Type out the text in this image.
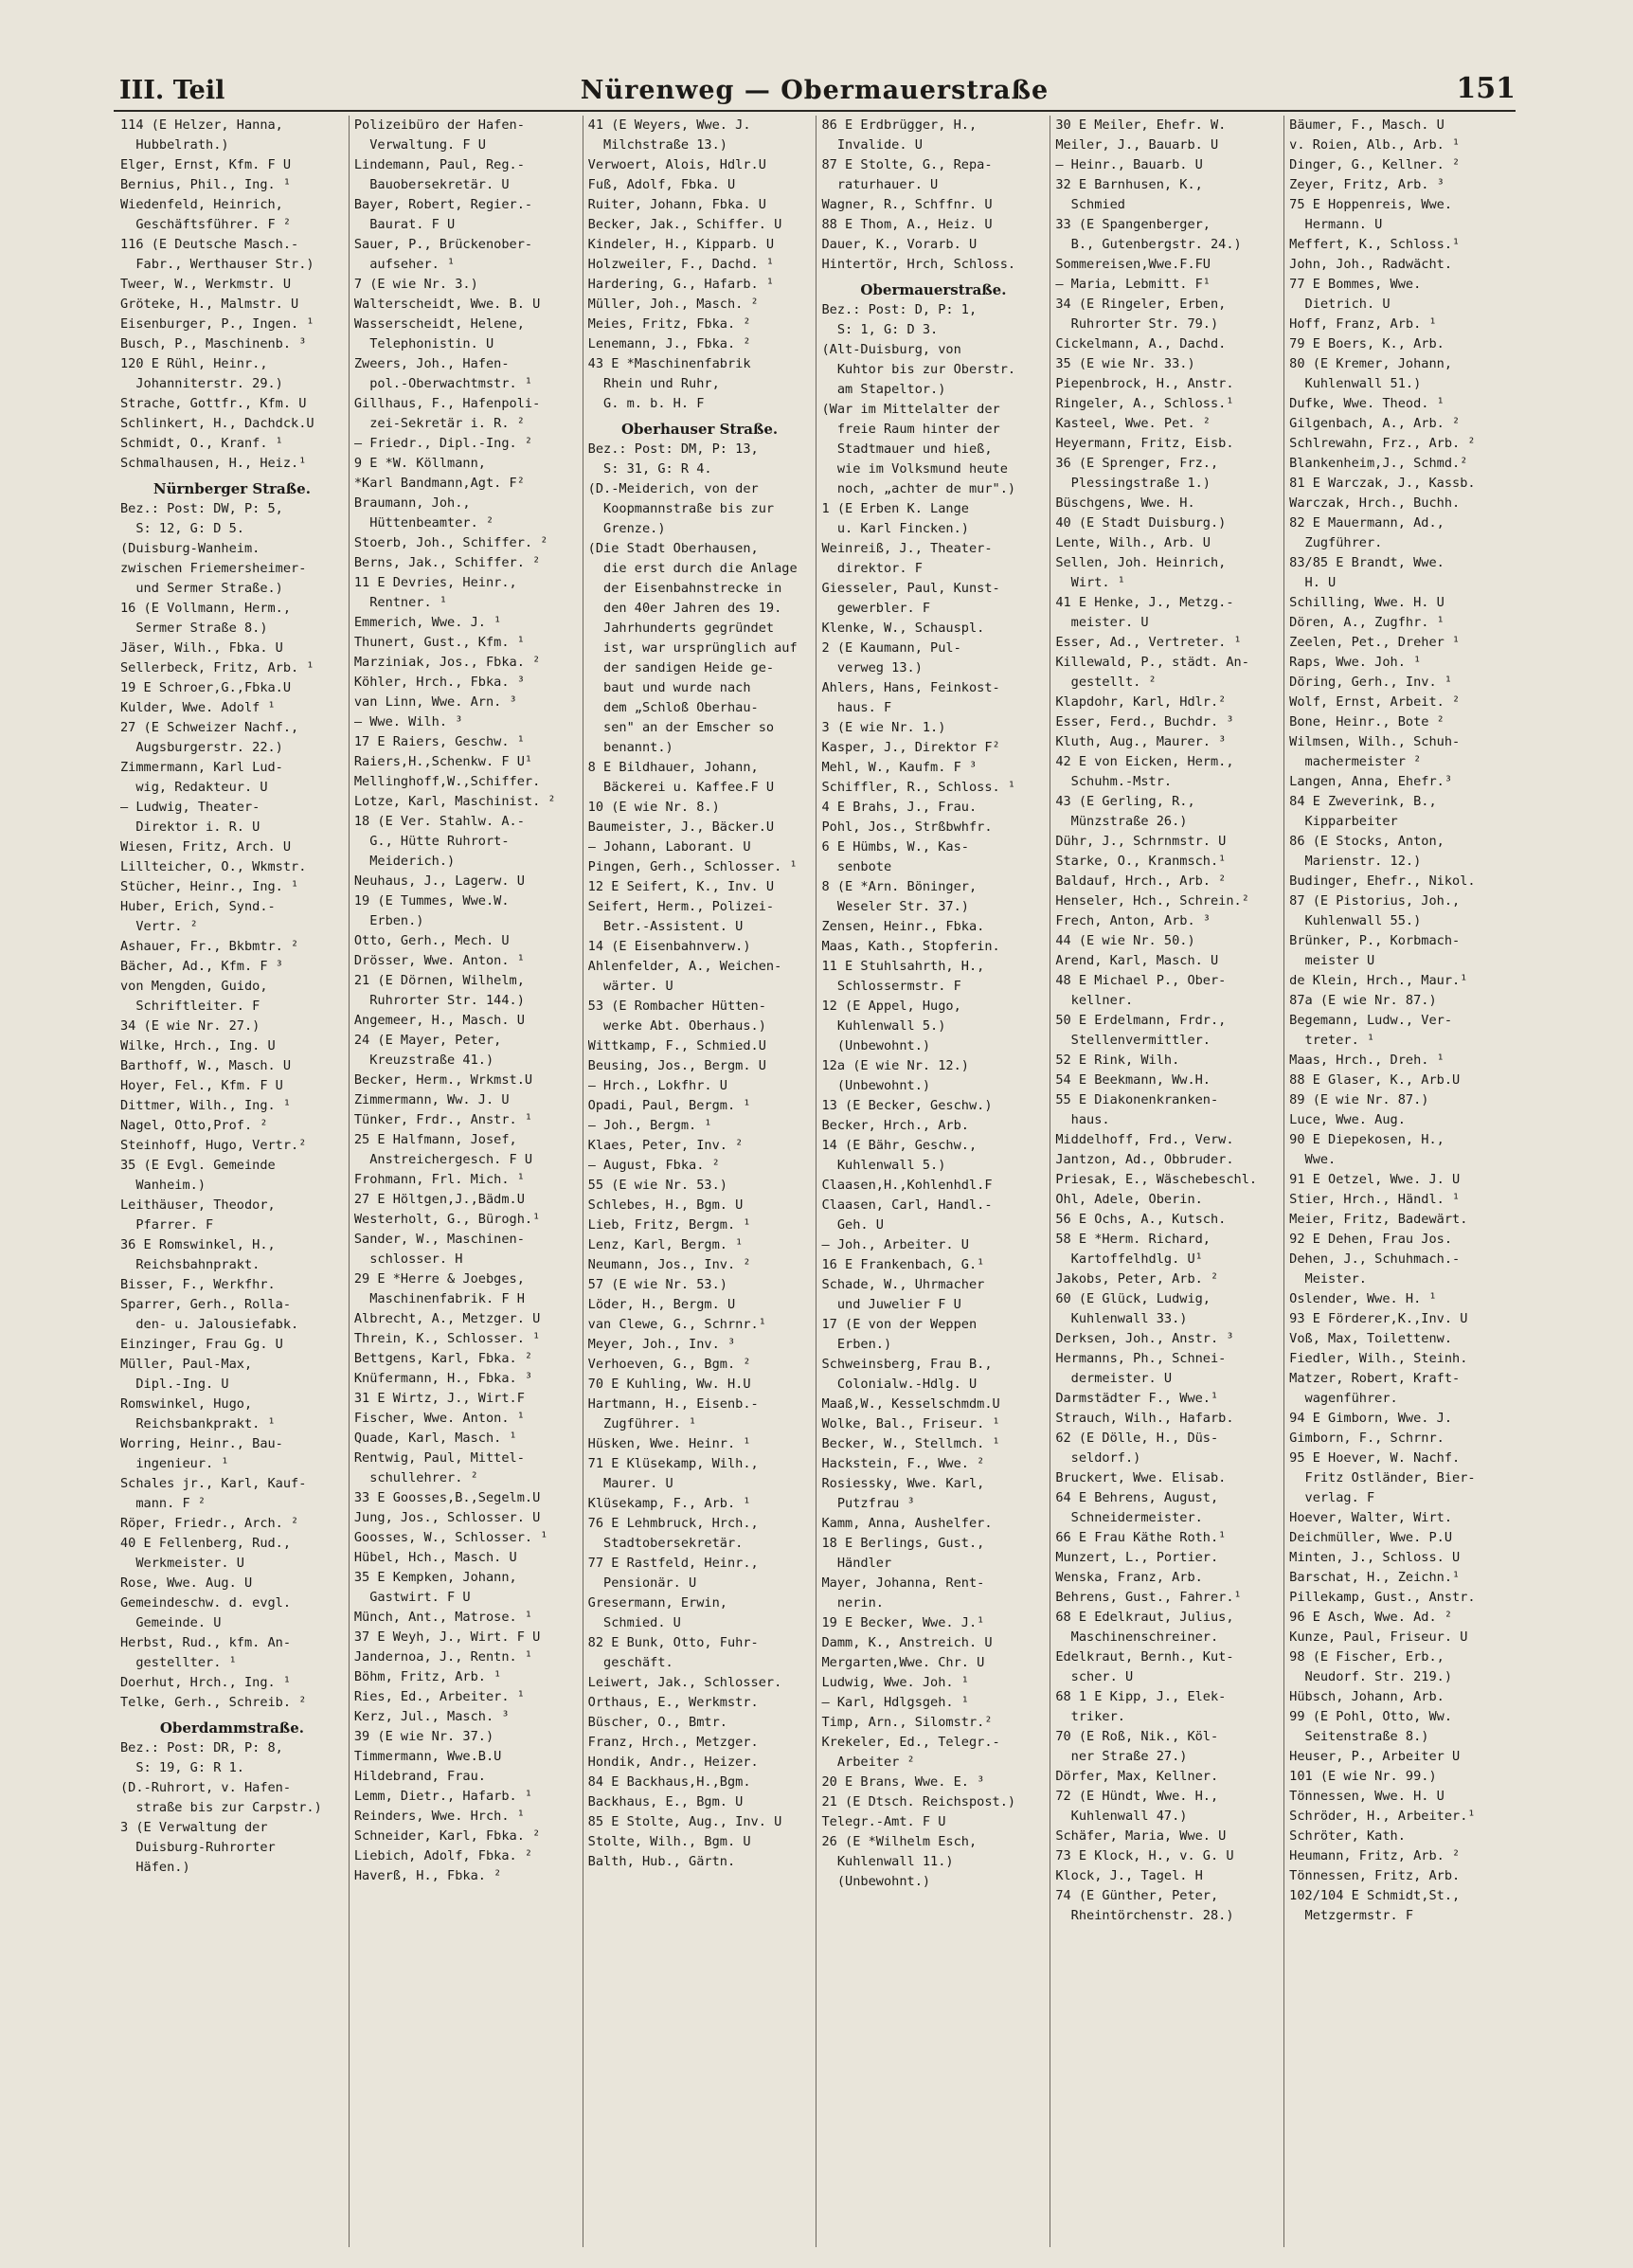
III. Teil	Nürenweg — Obermauerstraße	151
114 (E Helzer, Hanna,
Hubbelrath.)
Elger, Ernst, Kfm. F U
Bernius, Phil., Ing. ¹
Wiedenfeld, Heinrich,
Geschäftsführer. F ²
116 (E Deutsche Masch.-
Fabr., Werthauser Str.)
Tweer, W., Werkmstr. U
Gröteke, H., Malmstr. U
Eisenburger, P., Ingen. ¹
Busch, P., Maschinenb. ³
120 E Rühl, Heinr.,
Johanniterstr. 29.)
Strache, Gottfr., Kfm. U
Schlinkert, H., Dachdck.U
Schmidt, O., Kranf. ¹
Schmalhausen, H., Heiz.¹
Nürnberger Straße.
Bez.: Post: DW, P: 5,
S: 12, G: D 5.
(Duisburg-Wanheim.
zwischen Friemersheimer-
und Sermer Straße.)
16 (E Vollmann, Herm.,
Sermer Straße 8.)
Jäser, Wilh., Fbka. U
Sellerbeck, Fritz, Arb. ¹
19 E Schroer,G.,Fbka.U
Kulder, Wwe. Adolf ¹
27 (E Schweizer Nachf.,
Augsburgerstr. 22.)
Zimmermann, Karl Lud-
wig, Redakteur. U
— Ludwig, Theater-
Direktor i. R. U
Wiesen, Fritz, Arch. U
Lillteicher, O., Wkmstr.
Stücher, Heinr., Ing. ¹
Huber, Erich, Synd.-
Vertr. ²
Ashauer, Fr., Bkbmtr. ²
Bächer, Ad., Kfm. F ³
von Mengden, Guido,
Schriftleiter. F
34 (E wie Nr. 27.)
Wilke, Hrch., Ing. U
Barthoff, W., Masch. U
Hoyer, Fel., Kfm. F U
Dittmer, Wilh., Ing. ¹
Nagel, Otto,Prof. ²
Steinhoff, Hugo, Vertr.²
35 (E Evgl. Gemeinde
Wanheim.)
Leithäuser, Theodor,
Pfarrer. F
36 E Romswinkel, H.,
Reichsbahnprakt.
Bisser, F., Werkfhr.
Sparrer, Gerh., Rolla-
den- u. Jalousiefabk.
Einzinger, Frau Gg. U
Müller, Paul-Max,
Dipl.-Ing. U
Romswinkel, Hugo,
Reichsbankprakt. ¹
Worring, Heinr., Bau-
ingenieur. ¹
Schales jr., Karl, Kauf-
mann. F ²
Röper, Friedr., Arch. ²
40 E Fellenberg, Rud.,
Werkmeister. U
Rose, Wwe. Aug. U
Gemeindeschw. d. evgl.
Gemeinde. U
Herbst, Rud., kfm. An-
gestellter. ¹
Doerhut, Hrch., Ing. ¹
Telke, Gerh., Schreib. ²
Oberdammstraße.
Bez.: Post: DR, P: 8,
S: 19, G: R 1.
(D.-Ruhrort, v. Hafen-
straße bis zur Carpstr.)
3 (E Verwaltung der
Duisburg-Ruhrorter
Häfen.)
Polizeibüro der Hafen-
Verwaltung. F U
Lindemann, Paul, Reg.-
Bauobersekretär. U
Bayer, Robert, Regier.-
Baurat. F U
Sauer, P., Brückenober-
aufseher. ¹
7 (E wie Nr. 3.)
Walterscheidt, Wwe. B. U
Wasserscheidt, Helene,
Telephonistin. U
Zweers, Joh., Hafen-
pol.-Oberwachtmstr. ¹
Gillhaus, F., Hafenpoli-
zei-Sekretär i. R. ²
— Friedr., Dipl.-Ing. ²
9 E *W. Köllmann,
*Karl Bandmann,Agt. F²
Braumann, Joh.,
Hüttenbeamter. ²
Stoerb, Joh., Schiffer. ²
Berns, Jak., Schiffer. ²
11 E Devries, Heinr.,
Rentner. ¹
Emmerich, Wwe. J. ¹
Thunert, Gust., Kfm. ¹
Marziniak, Jos., Fbka. ²
Köhler, Hrch., Fbka. ³
van Linn, Wwe. Arn. ³
— Wwe. Wilh. ³
17 E Raiers, Geschw. ¹
Raiers,H.,Schenkw. F U¹
Mellinghoff,W.,Schiffer.
Lotze, Karl, Maschinist. ²
18 (E Ver. Stahlw. A.-
G., Hütte Ruhrort-
Meiderich.)
Neuhaus, J., Lagerw. U
19 (E Tummes, Wwe.W.
Erben.)
Otto, Gerh., Mech. U
Drösser, Wwe. Anton. ¹
21 (E Dörnen, Wilhelm,
Ruhrorter Str. 144.)
Angemeer, H., Masch. U
24 (E Mayer, Peter,
Kreuzstraße 41.)
Becker, Herm., Wrkmst.U
Zimmermann, Ww. J. U
Tünker, Frdr., Anstr. ¹
25 E Halfmann, Josef,
Anstreichergesch. F U
Frohmann, Frl. Mich. ¹
27 E Höltgen,J.,Bädm.U
Westerholt, G., Bürogh.¹
Sander, W., Maschinen-
schlosser. H
29 E *Herre & Joebges,
Maschinenfabrik. F H
Albrecht, A., Metzger. U
Threin, K., Schlosser. ¹
Bettgens, Karl, Fbka. ²
Knüfermann, H., Fbka. ³
31 E Wirtz, J., Wirt.F
Fischer, Wwe. Anton. ¹
Quade, Karl, Masch. ¹
Rentwig, Paul, Mittel-
schullehrer. ²
33 E Goosses,B.,Segelm.U
Jung, Jos., Schlosser. U
Goosses, W., Schlosser. ¹
Hübel, Hch., Masch. U
35 E Kempken, Johann,
Gastwirt. F U
Münch, Ant., Matrose. ¹
37 E Weyh, J., Wirt. F U
Jandernoa, J., Rentn. ¹
Böhm, Fritz, Arb. ¹
Ries, Ed., Arbeiter. ¹
Kerz, Jul., Masch. ³
39 (E wie Nr. 37.)
Timmermann, Wwe.B.U
Hildebrand, Frau.
Lemm, Dietr., Hafarb. ¹
Reinders, Wwe. Hrch. ¹
Schneider, Karl, Fbka. ²
Liebich, Adolf, Fbka. ²
Haverß, H., Fbka. ²
41 (E Weyers, Wwe. J.
Milchstraße 13.)
Verwoert, Alois, Hdlr.U
Fuß, Adolf, Fbka. U
Ruiter, Johann, Fbka. U
Becker, Jak., Schiffer. U
Kindeler, H., Kipparb. U
Holzweiler, F., Dachd. ¹
Hardering, G., Hafarb. ¹
Müller, Joh., Masch. ²
Meies, Fritz, Fbka. ²
Lenemann, J., Fbka. ²
43 E *Maschinenfabrik
Rhein und Ruhr,
G. m. b. H. F
Oberhauser Straße.
Bez.: Post: DM, P: 13,
S: 31, G: R 4.
(D.-Meiderich, von der
Koopmannstraße bis zur
Grenze.)
(Die Stadt Oberhausen,
die erst durch die Anlage
der Eisenbahnstrecke in
den 40er Jahren des 19.
Jahrhunderts gegründet
ist, war ursprünglich auf
der sandigen Heide ge-
baut und wurde nach
dem „Schloß Oberhau-
sen" an der Emscher so
benannt.)
8 E Bildhauer, Johann,
Bäckerei u. Kaffee.F U
10 (E wie Nr. 8.)
Baumeister, J., Bäcker.U
— Johann, Laborant. U
Pingen, Gerh., Schlosser. ¹
12 E Seifert, K., Inv. U
Seifert, Herm., Polizei-
Betr.-Assistent. U
14 (E Eisenbahnverw.)
Ahlenfelder, A., Weichen-
wärter. U
53 (E Rombacher Hütten-
werke Abt. Oberhaus.)
Wittkamp, F., Schmied.U
Beusing, Jos., Bergm. U
— Hrch., Lokfhr. U
Opadi, Paul, Bergm. ¹
— Joh., Bergm. ¹
Klaes, Peter, Inv. ²
— August, Fbka. ²
55 (E wie Nr. 53.)
Schlebes, H., Bgm. U
Lieb, Fritz, Bergm. ¹
Lenz, Karl, Bergm. ¹
Neumann, Jos., Inv. ²
57 (E wie Nr. 53.)
Löder, H., Bergm. U
van Clewe, G., Schrnr.¹
Meyer, Joh., Inv. ³
Verhoeven, G., Bgm. ²
70 E Kuhling, Ww. H.U
Hartmann, H., Eisenb.-
Zugführer. ¹
Hüsken, Wwe. Heinr. ¹
71 E Klüsekamp, Wilh.,
Maurer. U
Klüsekamp, F., Arb. ¹
76 E Lehmbruck, Hrch.,
Stadtobersekretär.
77 E Rastfeld, Heinr.,
Pensionär. U
Gresermann, Erwin,
Schmied. U
82 E Bunk, Otto, Fuhr-
geschäft.
Leiwert, Jak., Schlosser.
Orthaus, E., Werkmstr.
Büscher, O., Bmtr.
Franz, Hrch., Metzger.
Hondik, Andr., Heizer.
84 E Backhaus,H.,Bgm.
Backhaus, E., Bgm. U
85 E Stolte, Aug., Inv. U
Stolte, Wilh., Bgm. U
Balth, Hub., Gärtn.
86 E Erdbrügger, H.,
Invalide. U
87 E Stolte, G., Repa-
raturhauer. U
Wagner, R., Schffnr. U
88 E Thom, A., Heiz. U
Dauer, K., Vorarb. U
Hintertör, Hrch, Schloss.
Obermauerstraße.
Bez.: Post: D, P: 1,
S: 1, G: D 3.
(Alt-Duisburg, von
Kuhtor bis zur Oberstr.
am Stapeltor.)
(War im Mittelalter der
freie Raum hinter der
Stadtmauer und hieß,
wie im Volksmund heute
noch, „achter de mur".)
1 (E Erben K. Lange
u. Karl Fincken.)
Weinreiß, J., Theater-
direktor. F
Giesseler, Paul, Kunst-
gewerbler. F
Klenke, W., Schauspl.
2 (E Kaumann, Pul-
verweg 13.)
Ahlers, Hans, Feinkost-
haus. F
3 (E wie Nr. 1.)
Kasper, J., Direktor F²
Mehl, W., Kaufm. F ³
Schiffler, R., Schloss. ¹
4 E Brahs, J., Frau.
Pohl, Jos., Strßbwhfr.
6 E Hümbs, W., Kas-
senbote
8 (E *Arn. Böninger,
Weseler Str. 37.)
Zensen, Heinr., Fbka.
Maas, Kath., Stopferin.
11 E Stuhlsahrth, H.,
Schlossermstr. F
12 (E Appel, Hugo,
Kuhlenwall 5.)
(Unbewohnt.)
12a (E wie Nr. 12.)
(Unbewohnt.)
13 (E Becker, Geschw.)
Becker, Hrch., Arb.
14 (E Bähr, Geschw.,
Kuhlenwall 5.)
Claasen,H.,Kohlenhdl.F
Claasen, Carl, Handl.-
Geh. U
— Joh., Arbeiter. U
16 E Frankenbach, G.¹
Schade, W., Uhrmacher
und Juwelier F U
17 (E von der Weppen
Erben.)
Schweinsberg, Frau B.,
Colonialw.-Hdlg. U
Maaß,W., Kesselschmdm.U
Wolke, Bal., Friseur. ¹
Becker, W., Stellmch. ¹
Hackstein, F., Wwe. ²
Rosiessky, Wwe. Karl,
Putzfrau ³
Kamm, Anna, Aushelfer.
18 E Berlings, Gust.,
Händler
Mayer, Johanna, Rent-
nerin.
19 E Becker, Wwe. J.¹
Damm, K., Anstreich. U
Mergarten,Wwe. Chr. U
Ludwig, Wwe. Joh. ¹
— Karl, Hdlgsgeh. ¹
Timp, Arn., Silomstr.²
Krekeler, Ed., Telegr.-
Arbeiter ²
20 E Brans, Wwe. E. ³
21 (E Dtsch. Reichspost.)
Telegr.-Amt. F U
26 (E *Wilhelm Esch,
Kuhlenwall 11.)
(Unbewohnt.)
30 E Meiler, Ehefr. W.
Meiler, J., Bauarb. U
— Heinr., Bauarb. U
32 E Barnhusen, K.,
Schmied
33 (E Spangenberger,
B., Gutenbergstr. 24.)
Sommereisen,Wwe.F.FU
— Maria, Lebmitt. F¹
34 (E Ringeler, Erben,
Ruhrorter Str. 79.)
Cickelmann, A., Dachd.
35 (E wie Nr. 33.)
Piepenbrock, H., Anstr.
Ringeler, A., Schloss.¹
Kasteel, Wwe. Pet. ²
Heyermann, Fritz, Eisb.
36 (E Sprenger, Frz.,
Plessingstraße 1.)
Büschgens, Wwe. H.
40 (E Stadt Duisburg.)
Lente, Wilh., Arb. U
Sellen, Joh. Heinrich,
Wirt. ¹
41 E Henke, J., Metzg.-
meister. U
Esser, Ad., Vertreter. ¹
Killewald, P., städt. An-
gestellt. ²
Klapdohr, Karl, Hdlr.²
Esser, Ferd., Buchdr. ³
Kluth, Aug., Maurer. ³
42 E von Eicken, Herm.,
Schuhm.-Mstr.
43 (E Gerling, R.,
Münzstraße 26.)
Dühr, J., Schrnmstr. U
Starke, O., Kranmsch.¹
Baldauf, Hrch., Arb. ²
Henseler, Hch., Schrein.²
Frech, Anton, Arb. ³
44 (E wie Nr. 50.)
Arend, Karl, Masch. U
48 E Michael P., Ober-
kellner.
50 E Erdelmann, Frdr.,
Stellenvermittler.
52 E Rink, Wilh.
54 E Beekmann, Ww.H.
55 E Diakonenkranken-
haus.
Middelhoff, Frd., Verw.
Jantzon, Ad., Obbruder.
Priesak, E., Wäschebeschl.
Ohl, Adele, Oberin.
56 E Ochs, A., Kutsch.
58 E *Herm. Richard,
Kartoffelhdlg. U¹
Jakobs, Peter, Arb. ²
60 (E Glück, Ludwig,
Kuhlenwall 33.)
Derksen, Joh., Anstr. ³
Hermanns, Ph., Schnei-
dermeister. U
Darmstädter F., Wwe.¹
Strauch, Wilh., Hafarb.
62 (E Dölle, H., Düs-
seldorf.)
Bruckert, Wwe. Elisab.
64 E Behrens, August,
Schneidermeister.
66 E Frau Käthe Roth.¹
Munzert, L., Portier.
Wenska, Franz, Arb.
Behrens, Gust., Fahrer.¹
68 E Edelkraut, Julius,
Maschinenschreiner.
Edelkraut, Bernh., Kut-
scher. U
68 1 E Kipp, J., Elek-
triker.
70 (E Roß, Nik., Köl-
ner Straße 27.)
Dörfer, Max, Kellner.
72 (E Hündt, Wwe. H.,
Kuhlenwall 47.)
Schäfer, Maria, Wwe. U
73 E Klock, H., v. G. U
Klock, J., Tagel. H
74 (E Günther, Peter,
Rheintörchenstr. 28.)
Bäumer, F., Masch. U
v. Roien, Alb., Arb. ¹
Dinger, G., Kellner. ²
Zeyer, Fritz, Arb. ³
75 E Hoppenreis, Wwe.
Hermann. U
Meffert, K., Schloss.¹
John, Joh., Radwächt.
77 E Bommes, Wwe.
Dietrich. U
Hoff, Franz, Arb. ¹
79 E Boers, K., Arb.
80 (E Kremer, Johann,
Kuhlenwall 51.)
Dufke, Wwe. Theod. ¹
Gilgenbach, A., Arb. ²
Schlrewahn, Frz., Arb. ²
Blankenheim,J., Schmd.²
81 E Warczak, J., Kassb.
Warczak, Hrch., Buchh.
82 E Mauermann, Ad.,
Zugführer.
83/85 E Brandt, Wwe.
H. U
Schilling, Wwe. H. U
Dören, A., Zugfhr. ¹
Zeelen, Pet., Dreher ¹
Raps, Wwe. Joh. ¹
Döring, Gerh., Inv. ¹
Wolf, Ernst, Arbeit. ²
Bone, Heinr., Bote ²
Wilmsen, Wilh., Schuh-
machermeister ²
Langen, Anna, Ehefr.³
84 E Zweverink, B.,
Kipparbeiter
86 (E Stocks, Anton,
Marienstr. 12.)
Budinger, Ehefr., Nikol.
87 (E Pistorius, Joh.,
Kuhlenwall 55.)
Brünker, P., Korbmach-
meister U
de Klein, Hrch., Maur.¹
87a (E wie Nr. 87.)
Begemann, Ludw., Ver-
treter. ¹
Maas, Hrch., Dreh. ¹
88 E Glaser, K., Arb.U
89 (E wie Nr. 87.)
Luce, Wwe. Aug.
90 E Diepekosen, H.,
Wwe.
91 E Oetzel, Wwe. J. U
Stier, Hrch., Händl. ¹
Meier, Fritz, Badewärt.
92 E Dehen, Frau Jos.
Dehen, J., Schuhmach.-
Meister.
Oslender, Wwe. H. ¹
93 E Förderer,K.,Inv. U
Voß, Max, Toilettenw.
Fiedler, Wilh., Steinh.
Matzer, Robert, Kraft-
wagenführer.
94 E Gimborn, Wwe. J.
Gimborn, F., Schrnr.
95 E Hoever, W. Nachf.
Fritz Ostländer, Bier-
verlag. F
Hoever, Walter, Wirt.
Deichmüller, Wwe. P.U
Minten, J., Schloss. U
Barschat, H., Zeichn.¹
Pillekamp, Gust., Anstr.
96 E Asch, Wwe. Ad. ²
Kunze, Paul, Friseur. U
98 (E Fischer, Erb.,
Neudorf. Str. 219.)
Hübsch, Johann, Arb.
99 (E Pohl, Otto, Ww.
Seitenstraße 8.)
Heuser, P., Arbeiter U
101 (E wie Nr. 99.)
Tönnessen, Wwe. H. U
Schröder, H., Arbeiter.¹
Schröter, Kath.
Heumann, Fritz, Arb. ²
Tönnessen, Fritz, Arb.
102/104 E Schmidt,St.,
Metzgermstr. F
